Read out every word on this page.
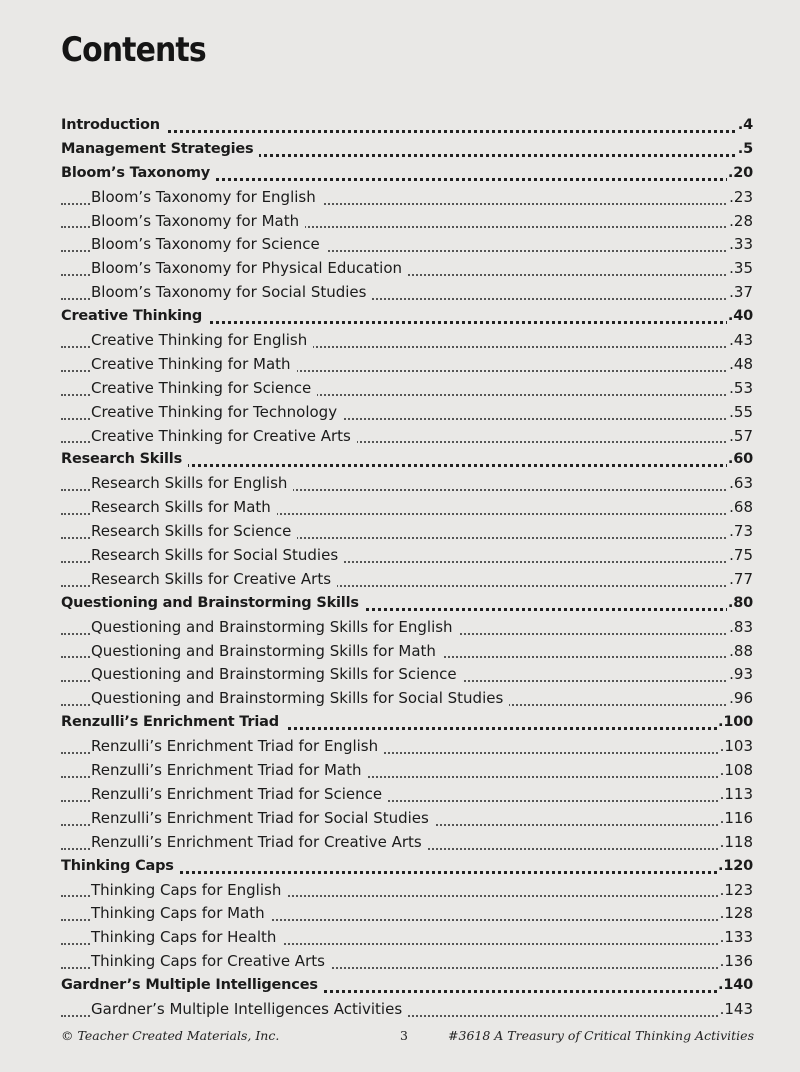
Contents
Introduction	.4
Management Strategies	.5
Bloom’s Taxonomy	.20
Bloom’s Taxonomy for English	.23
Bloom’s Taxonomy for Math	.28
Bloom’s Taxonomy for Science	.33
Bloom’s Taxonomy for Physical Education	.35
Bloom’s Taxonomy for Social Studies	.37
Creative Thinking	.40
Creative Thinking for English	.43
Creative Thinking for Math	.48
Creative Thinking for Science	.53
Creative Thinking for Technology	.55
Creative Thinking for Creative Arts	.57
Research Skills	.60
Research Skills for English	.63
Research Skills for Math	.68
Research Skills for Science	.73
Research Skills for Social Studies	.75
Research Skills for Creative Arts	.77
Questioning and Brainstorming Skills	.80
Questioning and Brainstorming Skills for English	.83
Questioning and Brainstorming Skills for Math	.88
Questioning and Brainstorming Skills for Science	.93
Questioning and Brainstorming Skills for Social Studies	.96
Renzulli’s Enrichment Triad	.100
Renzulli’s Enrichment Triad for English	.103
Renzulli’s Enrichment Triad for Math	.108
Renzulli’s Enrichment Triad for Science	.113
Renzulli’s Enrichment Triad for Social Studies	.116
Renzulli’s Enrichment Triad for Creative Arts	.118
Thinking Caps	.120
Thinking Caps for English	.123
Thinking Caps for Math	.128
Thinking Caps for Health	.133
Thinking Caps for Creative Arts	.136
Gardner’s Multiple Intelligences	.140
Gardner’s Multiple Intelligences Activities	.143
© Teacher Created Materials, Inc.	3	#3618 A Treasury of Critical Thinking Activities
